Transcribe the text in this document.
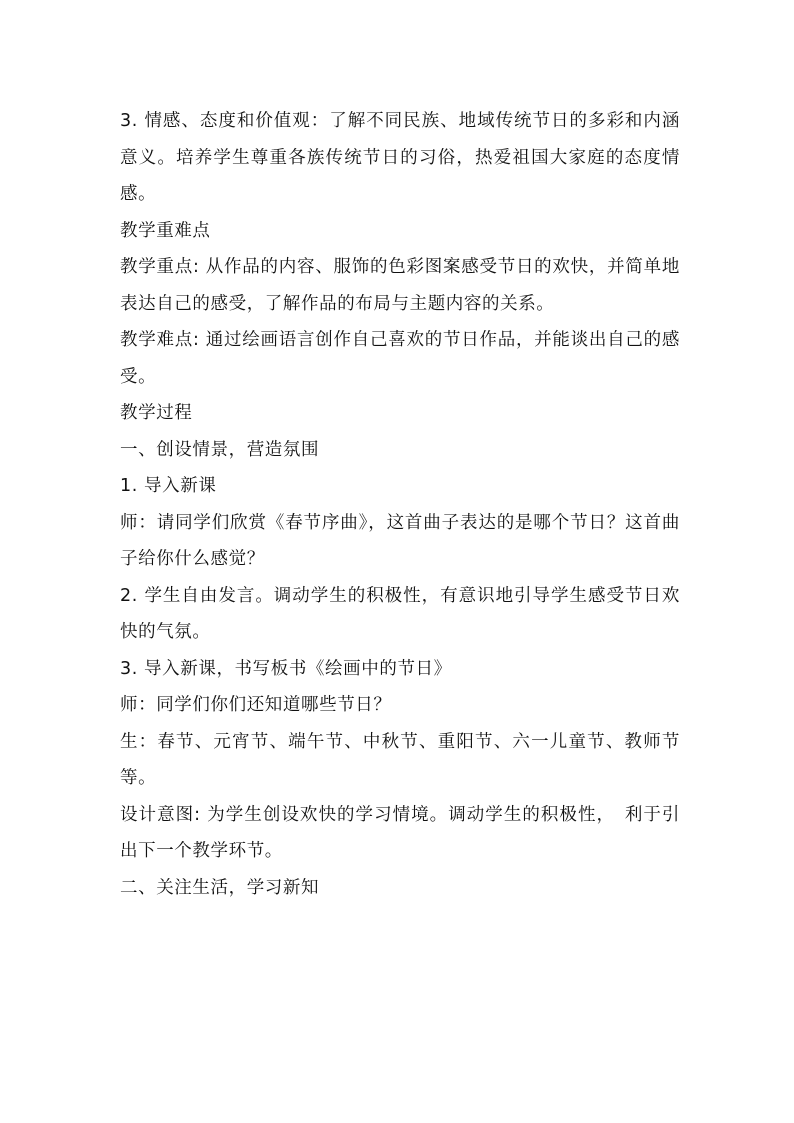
3. 情感、态度和价值观：了解不同民族、地域传统节日的多彩和内涵意义。培养学生尊重各族传统节日的习俗，热爱祖国大家庭的态度情感。

教学重难点

教学重点: 从作品的内容、服饰的色彩图案感受节日的欢快，并简单地表达自己的感受，了解作品的布局与主题内容的关系。

教学难点: 通过绘画语言创作自己喜欢的节日作品，并能谈出自己的感受。

教学过程

一、创设情景，营造氛围

1. 导入新课

师：请同学们欣赏《春节序曲》，这首曲子表达的是哪个节日？这首曲子给你什么感觉？

2. 学生自由发言。调动学生的积极性，有意识地引导学生感受节日欢快的气氛。

3. 导入新课，书写板书《绘画中的节日》

师：同学们你们还知道哪些节日？

生：春节、元宵节、端午节、中秋节、重阳节、六一儿童节、教师节等。

设计意图: 为学生创设欢快的学习情境。调动学生的积极性，　利于引出下一个教学环节。

二、关注生活，学习新知
